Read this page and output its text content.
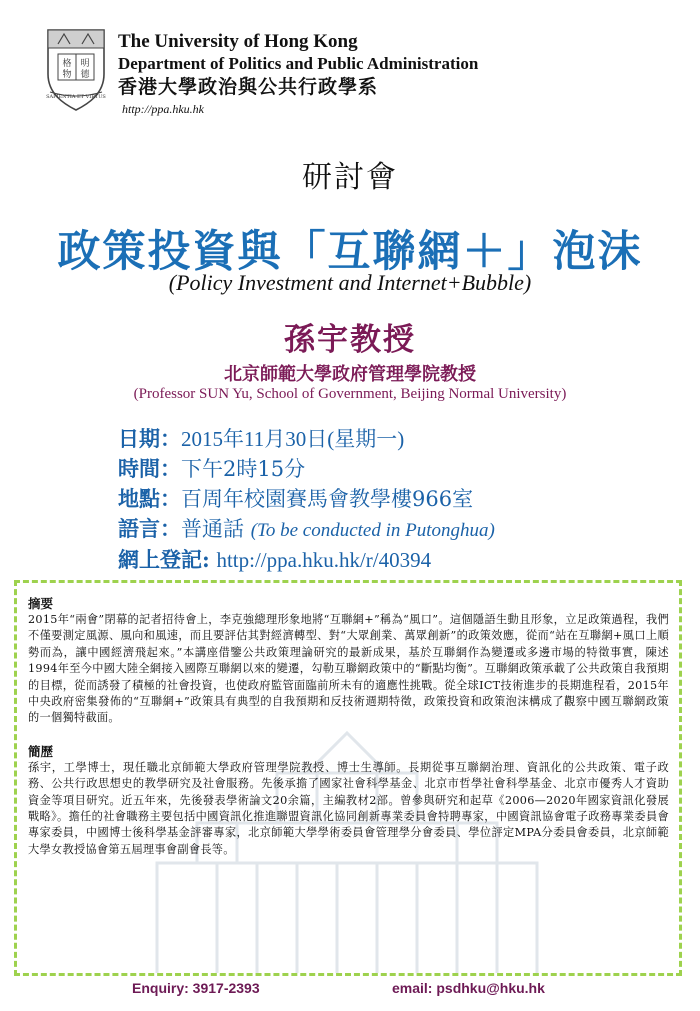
格 明
物 德
SAPIENTIA ET VIRTUS
The University of Hong Kong
Department of Politics and Public Administration
香港大學政治與公共行政學系
http://ppa.hku.hk
研討會
政策投資與「互聯網＋」泡沫
(Policy Investment and Internet+Bubble)
孫宇教授
北京師範大學政府管理學院教授
(Professor SUN Yu, School of Government, Beijing Normal University)
日期：2015年11月30日(星期一)
時間：下午2時15分
地點：百周年校園賽馬會教學樓966室
語言：普通話 (To be conducted in Putonghua)
網上登記: http://ppa.hku.hk/r/40394
摘要
2015年“兩會”閉幕的記者招待會上，李克強總理形象地將“互聯網+”稱為“風口”。這個隱語生動且形象，立足政策過程，我們不僅要測定風源、風向和風速，而且要評估其對經濟轉型、對“大眾創業、萬眾創新”的政策效應，從而“站在互聯網+風口上順勢而為，讓中國經濟飛起來。”本講座借鑒公共政策理論研究的最新成果，基於互聯網作為變遷或多邊市場的特徵事實，陳述1994年至今中國大陸全網接入國際互聯網以來的變遷，勾勒互聯網政策中的“斷點均衡”。互聯網政策承載了公共政策自我預期的目標，從而誘發了積極的社會投資，也使政府監管面臨前所未有的適應性挑戰。從全球ICT技術進步的長期進程看，2015年中央政府密集發佈的“互聯網+”政策具有典型的自我預期和反技術週期特徵，政策投資和政策泡沫構成了觀察中國互聯網政策的一個獨特截面。
簡歷
孫宇，工學博士，現任職北京師範大學政府管理學院教授、博士生導師。長期從事互聯網治理、資訊化的公共政策、電子政務、公共行政思想史的教學研究及社會服務。先後承擔了國家社會科學基金、北京市哲學社會科學基金、北京市優秀人才資助資金等項目研究。近五年來，先後發表學術論文20余篇，主編教材2部。曾參與研究和起草《2006—2020年國家資訊化發展戰略》。擔任的社會職務主要包括中國資訊化推進聯盟資訊化協同創新專業委員會特聘專家，中國資訊協會電子政務專業委員會專家委員，中國博士後科學基金評審專家，北京師範大學學術委員會管理學分會委員、學位評定MPA分委員會委員，北京師範大學女教授協會第五屆理事會副會長等。
Enquiry: 3917-2393	email: psdhku@hku.hk
